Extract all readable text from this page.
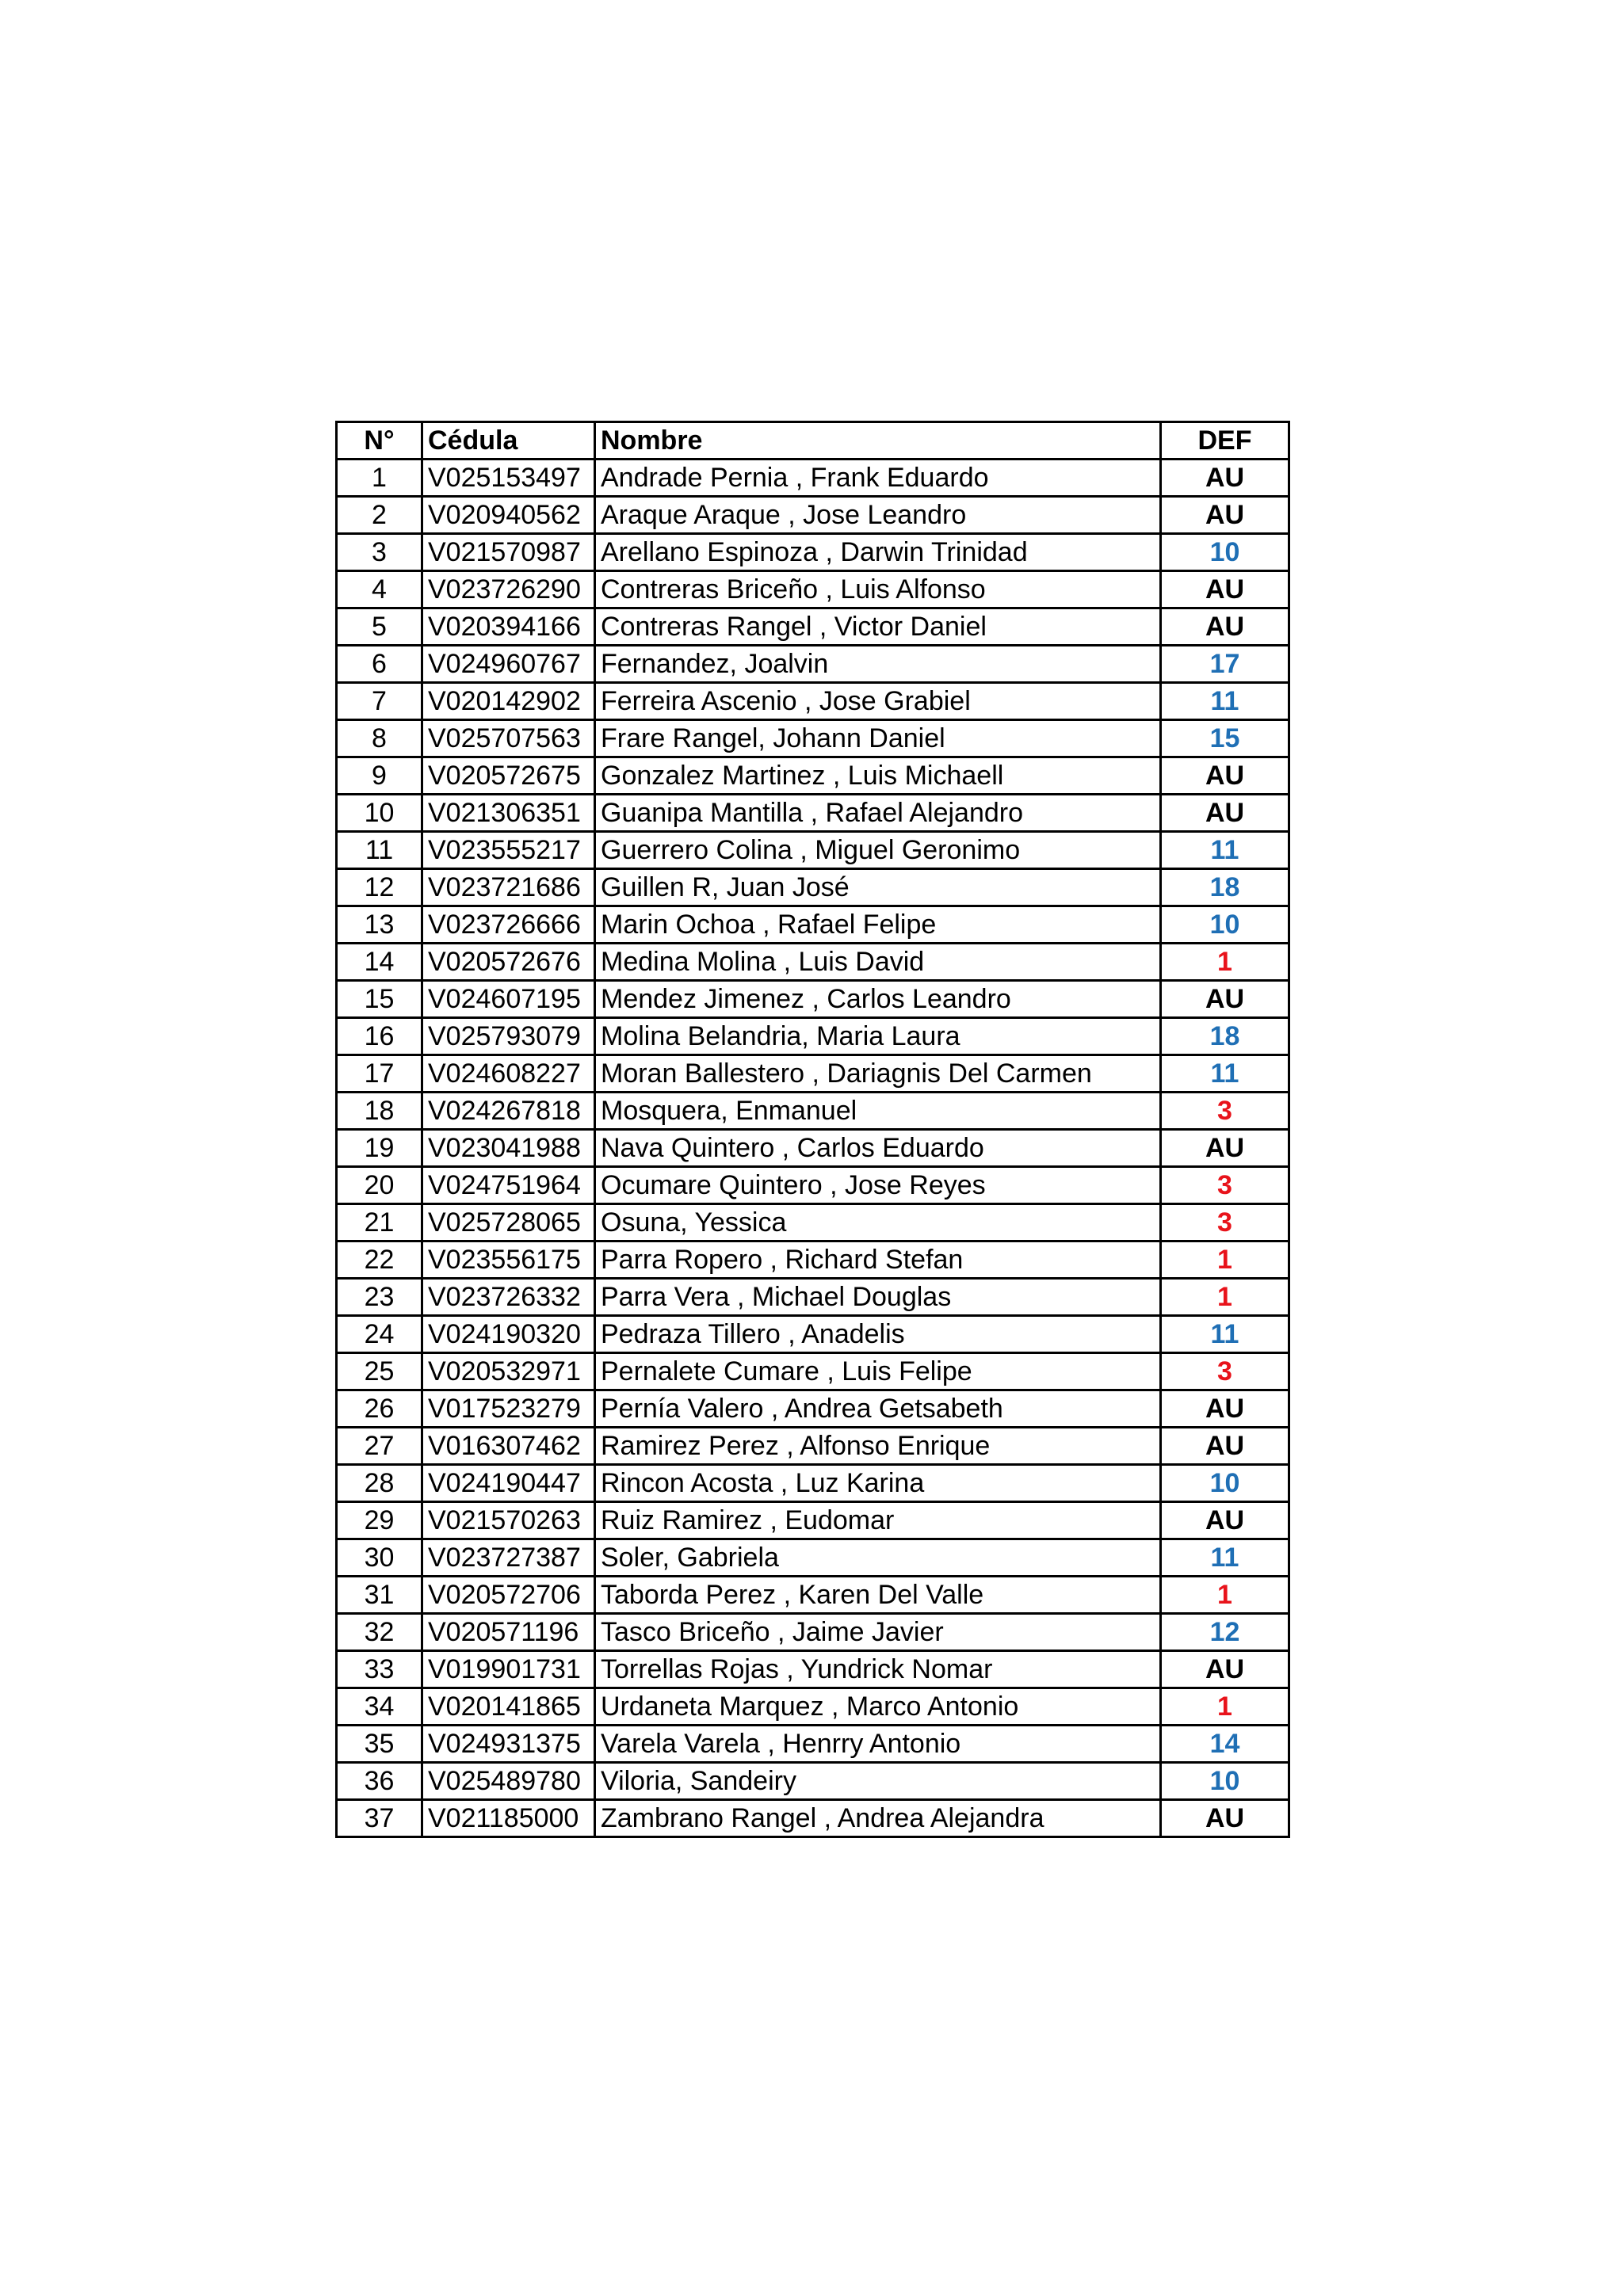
N°	Cédula	Nombre	DEF
1	V025153497	Andrade Pernia , Frank Eduardo	AU
2	V020940562	Araque Araque , Jose Leandro	AU
3	V021570987	Arellano Espinoza , Darwin Trinidad	10
4	V023726290	Contreras Briceño , Luis Alfonso	AU
5	V020394166	Contreras Rangel , Victor Daniel	AU
6	V024960767	Fernandez, Joalvin	17
7	V020142902	Ferreira Ascenio , Jose Grabiel	11
8	V025707563	Frare Rangel, Johann Daniel	15
9	V020572675	Gonzalez Martinez , Luis Michaell	AU
10	V021306351	Guanipa Mantilla , Rafael Alejandro	AU
11	V023555217	Guerrero Colina , Miguel Geronimo	11
12	V023721686	Guillen R, Juan José	18
13	V023726666	Marin Ochoa , Rafael Felipe	10
14	V020572676	Medina Molina , Luis David	1
15	V024607195	Mendez Jimenez , Carlos Leandro	AU
16	V025793079	Molina Belandria, Maria Laura	18
17	V024608227	Moran Ballestero , Dariagnis Del Carmen	11
18	V024267818	Mosquera, Enmanuel	3
19	V023041988	Nava Quintero , Carlos Eduardo	AU
20	V024751964	Ocumare Quintero , Jose Reyes	3
21	V025728065	Osuna, Yessica	3
22	V023556175	Parra Ropero , Richard Stefan	1
23	V023726332	Parra Vera , Michael Douglas	1
24	V024190320	Pedraza Tillero , Anadelis	11
25	V020532971	Pernalete Cumare , Luis Felipe	3
26	V017523279	Pernía Valero , Andrea Getsabeth	AU
27	V016307462	Ramirez Perez , Alfonso Enrique	AU
28	V024190447	Rincon Acosta , Luz Karina	10
29	V021570263	Ruiz Ramirez , Eudomar	AU
30	V023727387	Soler, Gabriela	11
31	V020572706	Taborda Perez , Karen Del Valle	1
32	V020571196	Tasco Briceño , Jaime Javier	12
33	V019901731	Torrellas Rojas , Yundrick Nomar	AU
34	V020141865	Urdaneta Marquez , Marco Antonio	1
35	V024931375	Varela Varela , Henrry Antonio	14
36	V025489780	Viloria, Sandeiry	10
37	V021185000	Zambrano Rangel , Andrea Alejandra	AU
